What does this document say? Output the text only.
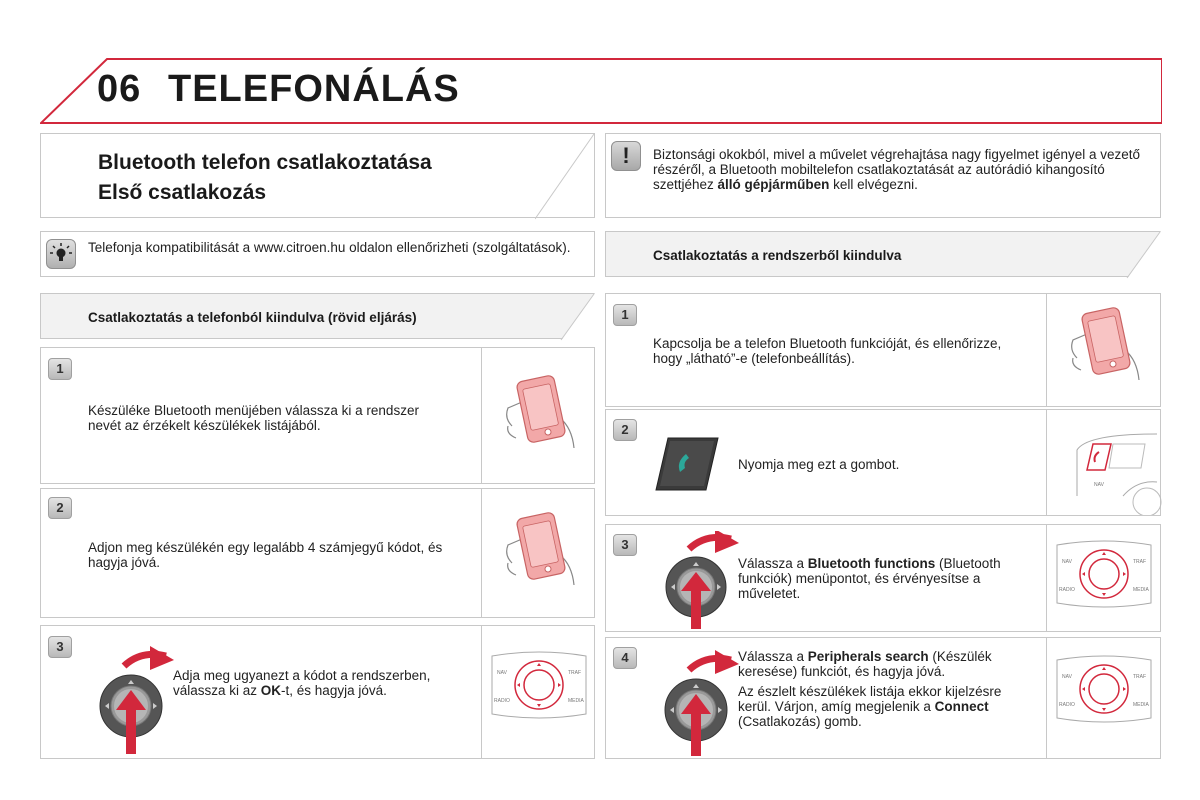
06 TELEFONÁLÁS
Bluetooth telefon csatlakoztatása
Első csatlakozás
!	Biztonsági okokból, mivel a művelet végrehajtása nagy figyelmet igényel a vezető részéről, a Bluetooth mobiltelefon csatlakoztatását az autórádió kihangosító szettjéhez álló gépjárműben kell elvégezni.
Telefonja kompatibilitását a www.citroen.hu oldalon ellenőrizheti (szolgáltatások).
Csatlakoztatás a rendszerből kiindulva
Csatlakoztatás a telefonból kiindulva (rövid eljárás)
1
Készüléke Bluetooth menüjében válassza ki a rendszer nevét az érzékelt készülékek listájából.
2
Adjon meg készülékén egy legalább 4 számjegyű kódot, és hagyja jóvá.
3
Adja meg ugyanezt a kódot a rendszerben, válassza ki az OK-t, és hagyja jóvá.
NAV	TRAF
RADIO	MEDIA
1
Kapcsolja be a telefon Bluetooth funkcióját, és ellenőrizze, hogy „látható”-e (telefonbeállítás).
2
Nyomja meg ezt a gombot.
NAV
3
Válassza a Bluetooth functions (Bluetooth funkciók) menüpontot, és érvényesítse a műveletet.
NAV	TRAF
RADIO	MEDIA
4	Válassza a Peripherals search (Készülék keresése) funkciót, és hagyja jóvá.
Az észlelt készülékek listája ekkor kijelzésre kerül. Várjon, amíg megjelenik a Connect (Csatlakozás) gomb.
NAV	TRAF
RADIO	MEDIA
